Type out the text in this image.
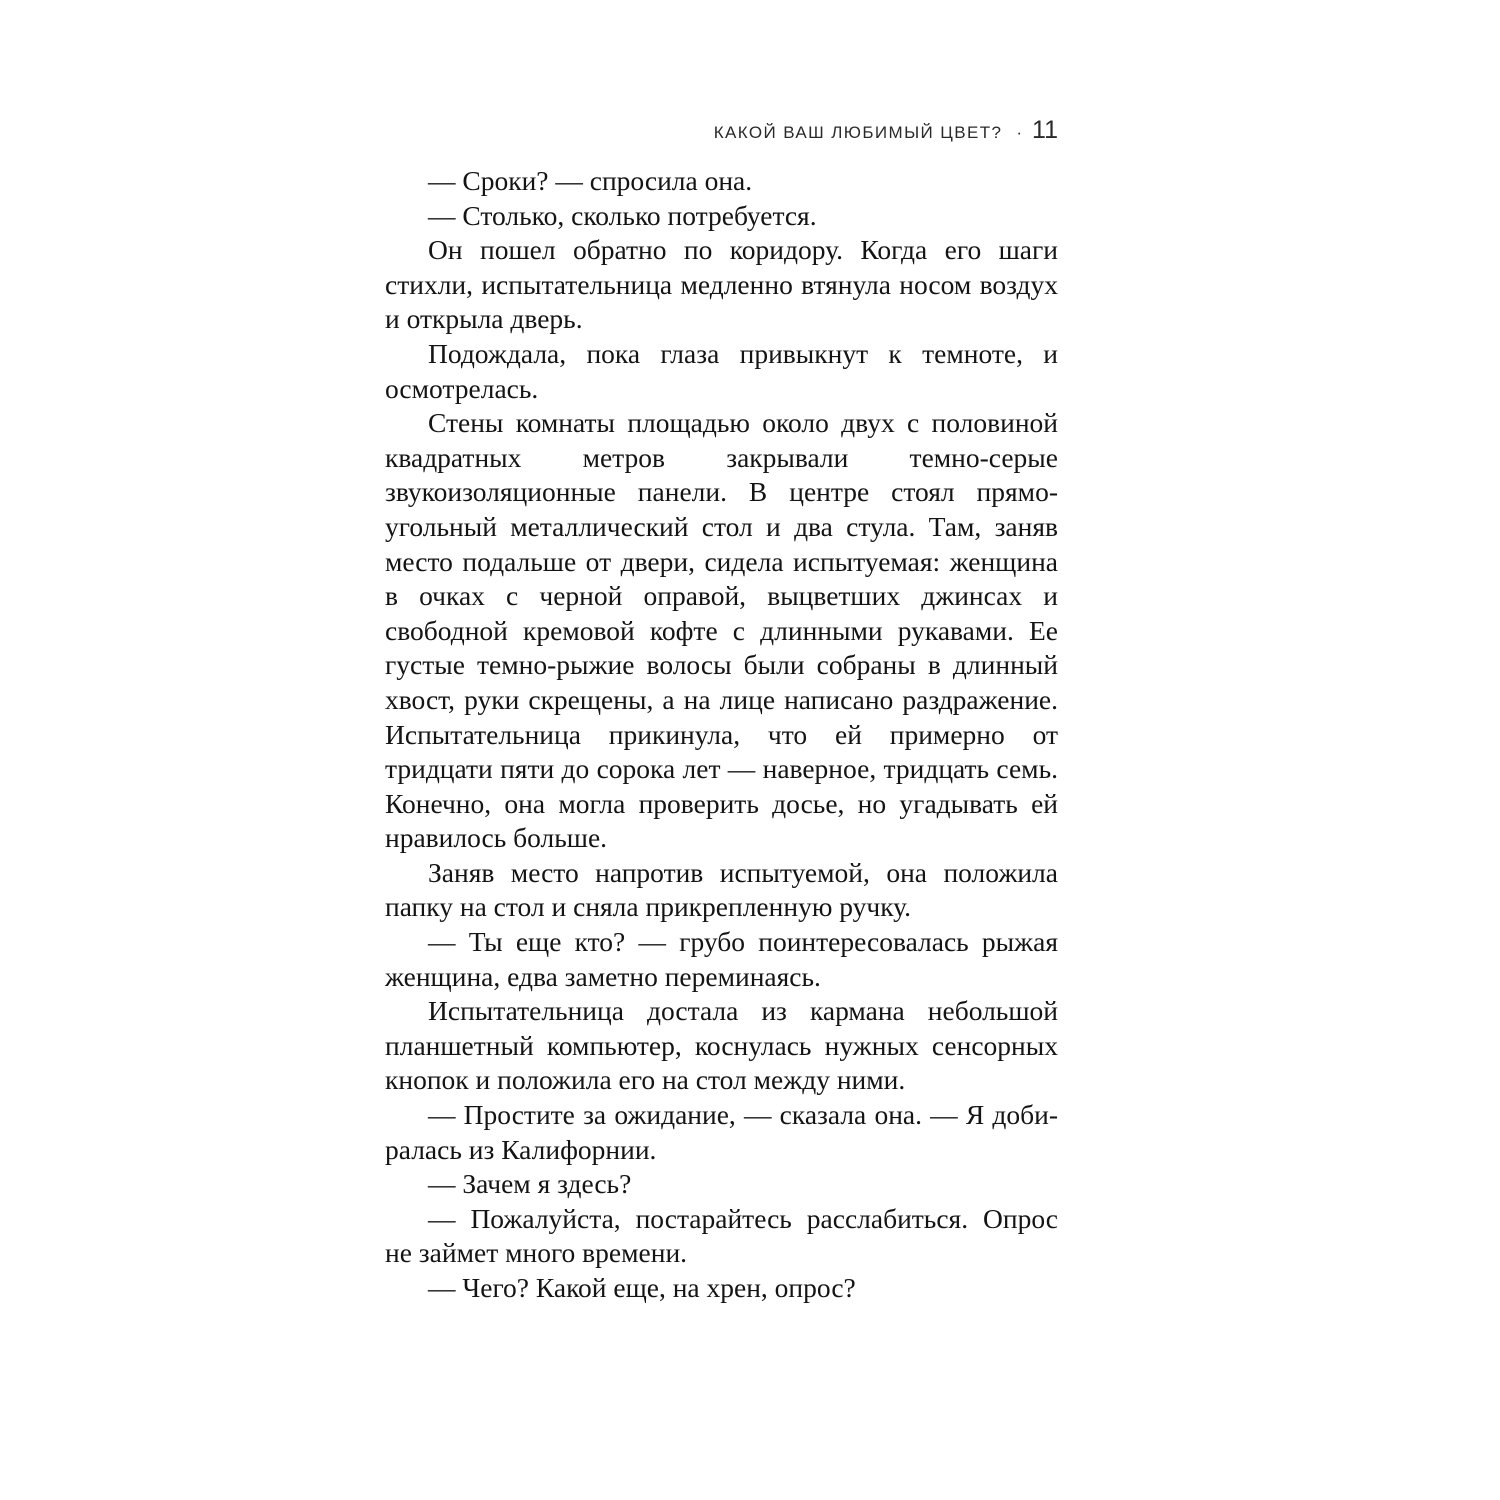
КАКОЙ ВАШ ЛЮБИМЫЙ ЦВЕТ? · 11

— Сроки? — спросила она.

— Столько, сколько потребуется.

Он пошел обратно по коридору. Когда его шаги стихли, испытательница медленно втянула носом воздух и открыла дверь.

Подождала, пока глаза привыкнут к темноте, и осмотрелась.

Стены комнаты площадью около двух с половиной квадратных метров закрывали темно-серые звукоизоляционные панели. В центре стоял прямоугольный металлический стол и два стула. Там, заняв место подальше от двери, сидела испытуемая: женщина в очках с черной оправой, выцветших джинсах и свободной кремовой кофте с длинными рукавами. Ее густые темно-рыжие волосы были собраны в длинный хвост, руки скрещены, а на лице написано раздражение. Испытательница прикинула, что ей примерно от тридцати пяти до сорока лет — наверное, тридцать семь. Конечно, она могла проверить досье, но угадывать ей нравилось больше.

Заняв место напротив испытуемой, она положила папку на стол и сняла прикрепленную ручку.

— Ты еще кто? — грубо поинтересовалась рыжая женщина, едва заметно переминаясь.

Испытательница достала из кармана небольшой планшетный компьютер, коснулась нужных сенсорных кнопок и положила его на стол между ними.

— Простите за ожидание, — сказала она. — Я добиралась из Калифорнии.

— Зачем я здесь?

— Пожалуйста, постарайтесь расслабиться. Опрос не займет много времени.

— Чего? Какой еще, на хрен, опрос?
